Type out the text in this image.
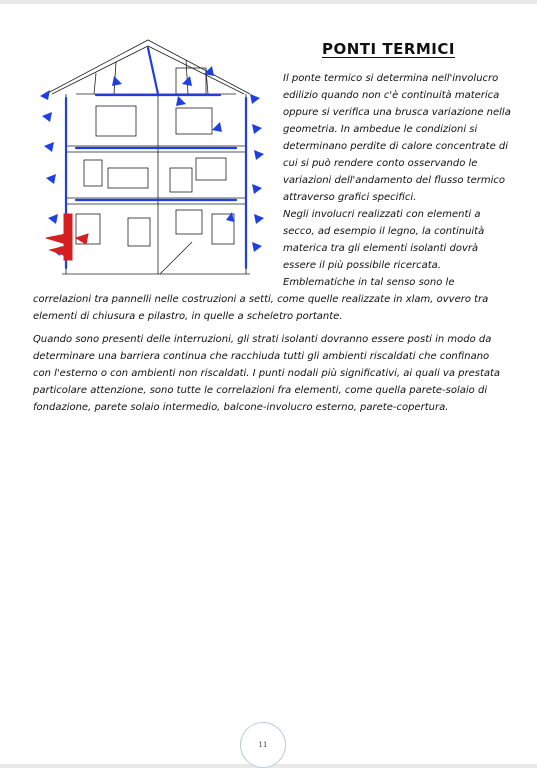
PONTI TERMICI

Il ponte termico si determina nell'involucro edilizio quando non c'è continuità materica oppure si verifica una brusca variazione nella geometria. In ambedue le condizioni si determinano perdite di calore concentrate di cui si può rendere conto osservando le variazioni dell'andamento del flusso termico attraverso grafici specifici.

Negli involucri realizzati con elementi a secco, ad esempio il legno, la continuità materica tra gli elementi isolanti dovrà essere il più possibile ricercata. Emblematiche in tal senso sono le

correlazioni tra pannelli nelle costruzioni a setti, come quelle realizzate in xlam, ovvero tra elementi di chiusura e pilastro, in quelle a scheletro portante.

Quando sono presenti delle interruzioni, gli strati isolanti dovranno essere posti in modo da determinare una barriera continua che racchiuda tutti gli ambienti riscaldati che confinano con l'esterno o con ambienti non riscaldati. I punti nodali più significativi, ai quali va prestata particolare attenzione, sono tutte le correlazioni fra elementi, come quella parete-solaio di fondazione, parete solaio intermedio, balcone-involucro esterno, parete-copertura.

11
